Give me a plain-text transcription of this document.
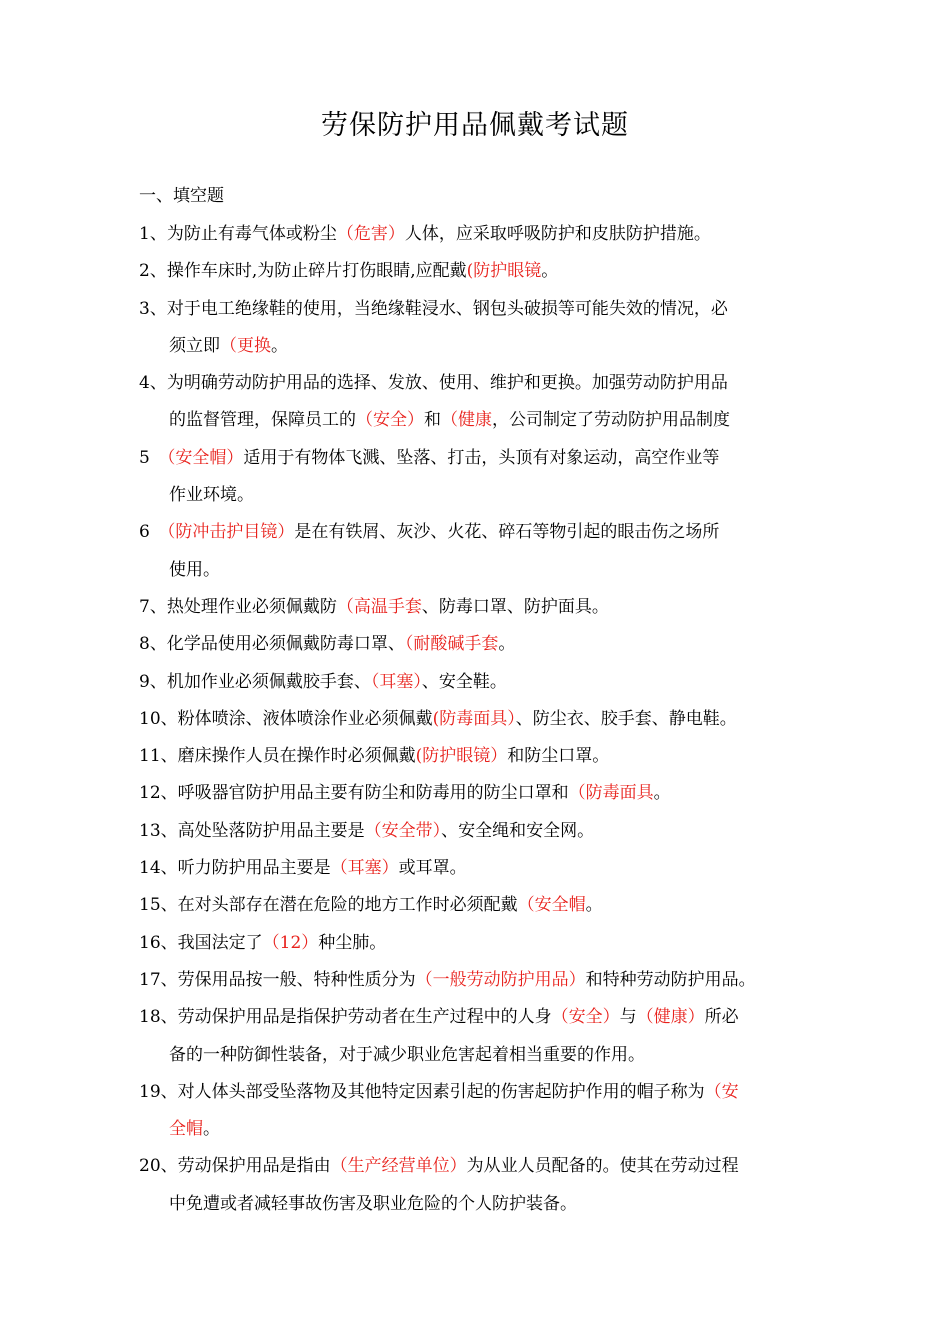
劳保防护用品佩戴考试题
一、填空题
1、为防止有毒气体或粉尘（危害）人体，应采取呼吸防护和皮肤防护措施。
2、操作车床时,为防止碎片打伤眼睛,应配戴(防护眼镜。
3、对于电工绝缘鞋的使用，当绝缘鞋浸水、钢包头破损等可能失效的情况，必
须立即（更换。
4、为明确劳动防护用品的选择、发放、使用、维护和更换。加强劳动防护用品
的监督管理，保障员工的（安全）和（健康，公司制定了劳动防护用品制度
5　（安全帽）适用于有物体飞溅、坠落、打击，头顶有对象运动，高空作业等
作业环境。
6　（防冲击护目镜）是在有铁屑、灰沙、火花、碎石等物引起的眼击伤之场所
使用。
7、热处理作业必须佩戴防（高温手套、防毒口罩、防护面具。
8、化学品使用必须佩戴防毒口罩、（耐酸碱手套。
9、机加作业必须佩戴胶手套、（耳塞）、安全鞋。
10、粉体喷涂、液体喷涂作业必须佩戴(防毒面具）、防尘衣、胶手套、静电鞋。
11、磨床操作人员在操作时必须佩戴(防护眼镜）和防尘口罩。
12、呼吸器官防护用品主要有防尘和防毒用的防尘口罩和（防毒面具。
13、高处坠落防护用品主要是（安全带）、安全绳和安全网。
14、听力防护用品主要是（耳塞）或耳罩。
15、在对头部存在潜在危险的地方工作时必须配戴（安全帽。
16、我国法定了（12）种尘肺。
17、劳保用品按一般、特种性质分为（一般劳动防护用品）和特种劳动防护用品。
18、劳动保护用品是指保护劳动者在生产过程中的人身（安全）与（健康）所必
备的一种防御性装备，对于减少职业危害起着相当重要的作用。
19、对人体头部受坠落物及其他特定因素引起的伤害起防护作用的帽子称为（安
全帽。
20、劳动保护用品是指由（生产经营单位）为从业人员配备的。使其在劳动过程
中免遭或者减轻事故伤害及职业危险的个人防护装备。
